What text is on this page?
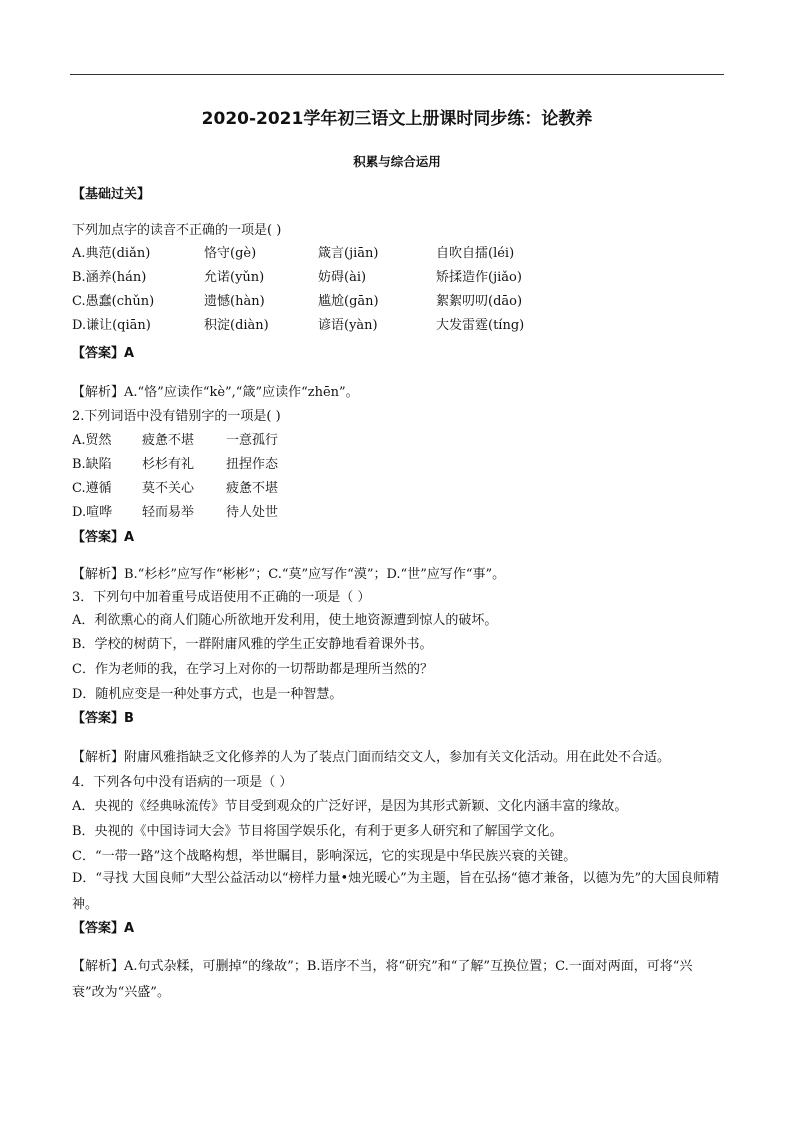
2020-2021学年初三语文上册课时同步练：论教养
积累与综合运用
【基础过关】
下列加点字的读音不正确的一项是( )
A.典范(diǎn)	恪守(gè)	箴言(jiān)	自吹自擂(léi)
B.涵养(hán)	允诺(yǔn)	妨碍(ài)	矫揉造作(jiǎo)
C.愚蠢(chǔn)	遗憾(hàn)	尴尬(gān)	絮絮叨叨(dāo)
D.谦让(qiān)	积淀(diàn)	谚语(yàn)	大发雷霆(tíng)
【答案】A
【解析】A.“恪”应读作“kè”,“箴”应读作“zhēn”。
2.下列词语中没有错别字的一项是( )
A.贸然 疲惫不堪 一意孤行
B.缺陷 杉杉有礼 扭捏作态
C.遵循 莫不关心 疲惫不堪
D.喧哗 轻而易举 待人处世
【答案】A
【解析】B.“杉杉”应写作“彬彬”；C.“莫”应写作“漠”；D.“世”应写作“事”。
3．下列句中加着重号成语使用不正确的一项是（ ）
A．利欲熏心的商人们随心所欲地开发利用，使土地资源遭到惊人的破坏。
B．学校的树荫下，一群附庸风雅的学生正安静地看着课外书。
C．作为老师的我，在学习上对你的一切帮助都是理所当然的？
D．随机应变是一种处事方式，也是一种智慧。
【答案】B
【解析】附庸风雅指缺乏文化修养的人为了装点门面而结交文人，参加有关文化活动。用在此处不合适。
4．下列各句中没有语病的一项是（ ）
A．央视的《经典咏流传》节目受到观众的广泛好评，是因为其形式新颖、文化内涵丰富的缘故。
B．央视的《中国诗词大会》节目将国学娱乐化，有利于更多人研究和了解国学文化。
C．“一带一路”这个战略构想，举世瞩目，影响深远，它的实现是中华民族兴衰的关键。
D．“寻找 大国良师”大型公益活动以“榜样力量•烛光暖心”为主题，旨在弘扬“德才兼备，以德为先”的大国良师精神。
【答案】A
【解析】A.句式杂糅，可删掉“的缘故”；B.语序不当，将“研究”和“了解”互换位置；C.一面对两面，可将“兴衰”改为“兴盛”。
